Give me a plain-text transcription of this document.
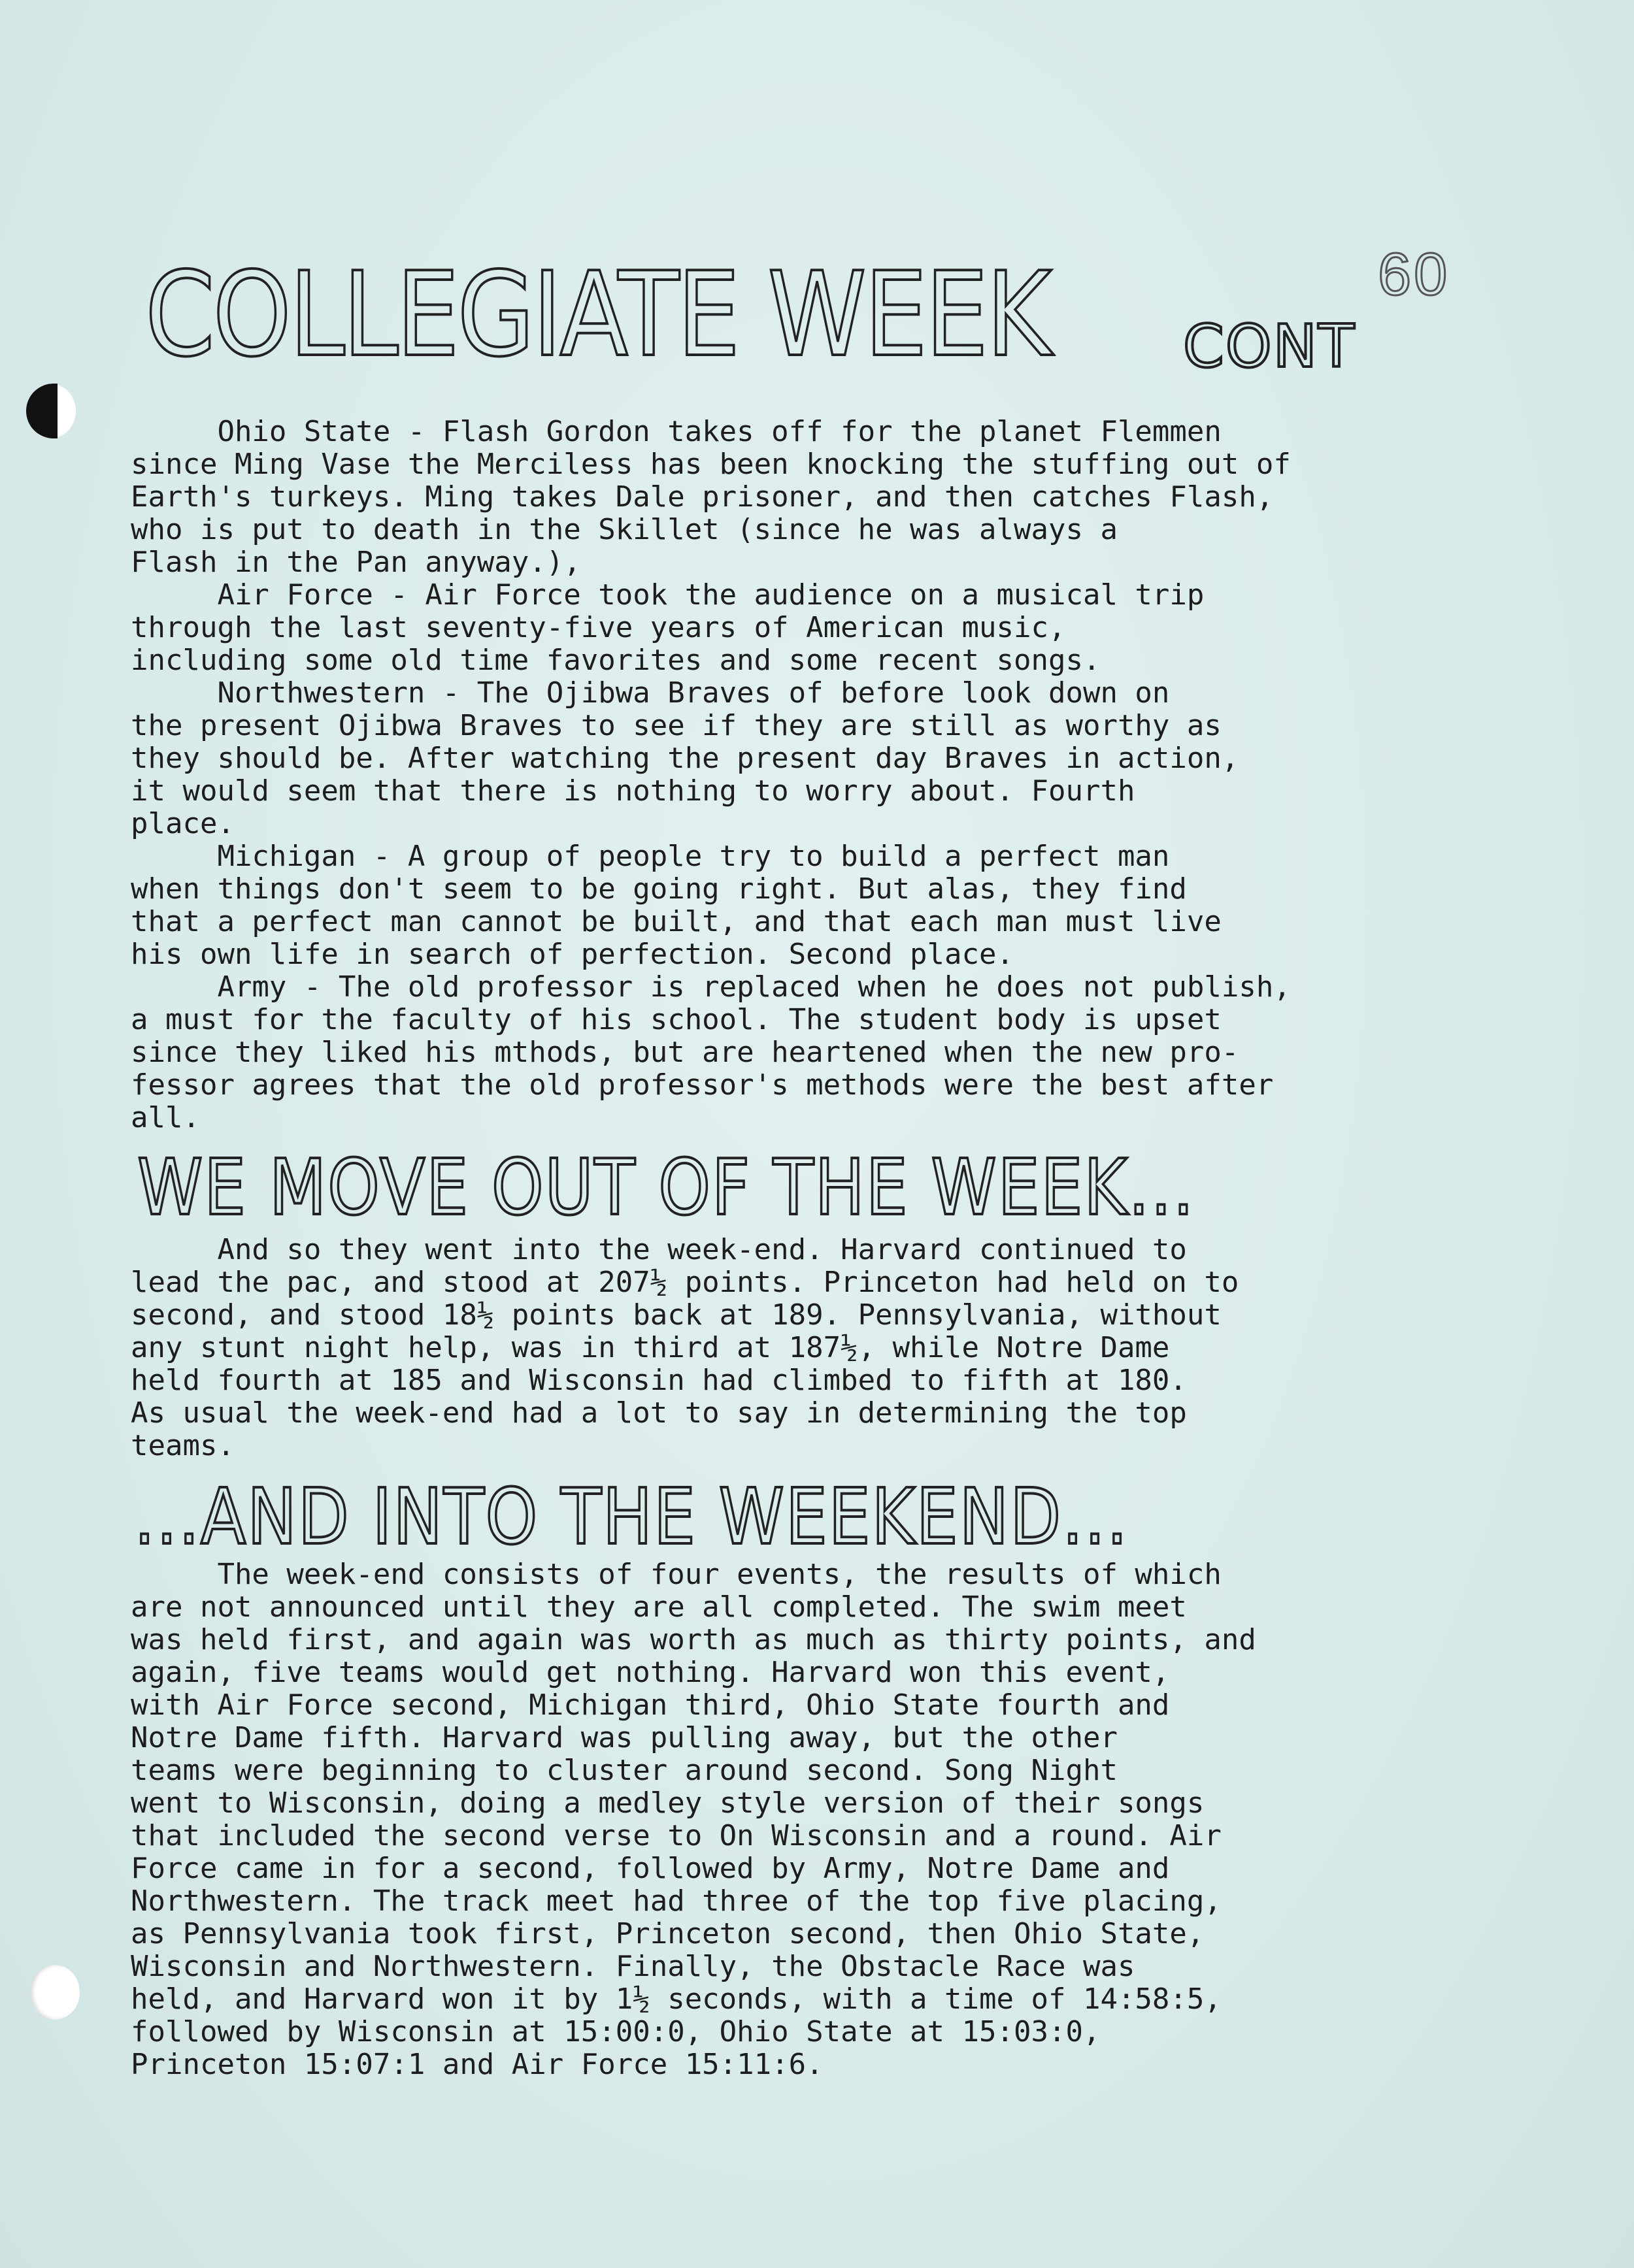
60
COLLEGIATE WEEK CONT
Ohio State - Flash Gordon takes off for the planet Flemmen
since Ming Vase the Merciless has been knocking the stuffing out of
Earth's turkeys. Ming takes Dale prisoner, and then catches Flash,
who is put to death in the Skillet (since he was always a
Flash in the Pan anyway.),
Air Force - Air Force took the audience on a musical trip
through the last seventy-five years of American music,
including some old time favorites and some recent songs.
Northwestern - The Ojibwa Braves of before look down on
the present Ojibwa Braves to see if they are still as worthy as
they should be. After watching the present day Braves in action,
it would seem that there is nothing to worry about. Fourth
place.
Michigan - A group of people try to build a perfect man
when things don't seem to be going right. But alas, they find
that a perfect man cannot be built, and that each man must live
his own life in search of perfection. Second place.
Army - The old professor is replaced when he does not publish,
a must for the faculty of his school. The student body is upset
since they liked his mthods, but are heartened when the new pro-
fessor agrees that the old professor's methods were the best after
all.
WE MOVE OUT OF THE WEEK...
And so they went into the week-end. Harvard continued to
lead the pac, and stood at 207½ points. Princeton had held on to
second, and stood 18½ points back at 189. Pennsylvania, without
any stunt night help, was in third at 187½, while Notre Dame
held fourth at 185 and Wisconsin had climbed to fifth at 180.
As usual the week-end had a lot to say in determining the top
teams.
...AND INTO THE WEEKEND...
The week-end consists of four events, the results of which
are not announced until they are all completed. The swim meet
was held first, and again was worth as much as thirty points, and
again, five teams would get nothing. Harvard won this event,
with Air Force second, Michigan third, Ohio State fourth and
Notre Dame fifth. Harvard was pulling away, but the other
teams were beginning to cluster around second. Song Night
went to Wisconsin, doing a medley style version of their songs
that included the second verse to On Wisconsin and a round. Air
Force came in for a second, followed by Army, Notre Dame and
Northwestern. The track meet had three of the top five placing,
as Pennsylvania took first, Princeton second, then Ohio State,
Wisconsin and Northwestern. Finally, the Obstacle Race was
held, and Harvard won it by 1½ seconds, with a time of 14:58:5,
followed by Wisconsin at 15:00:0, Ohio State at 15:03:0,
Princeton 15:07:1 and Air Force 15:11:6.
